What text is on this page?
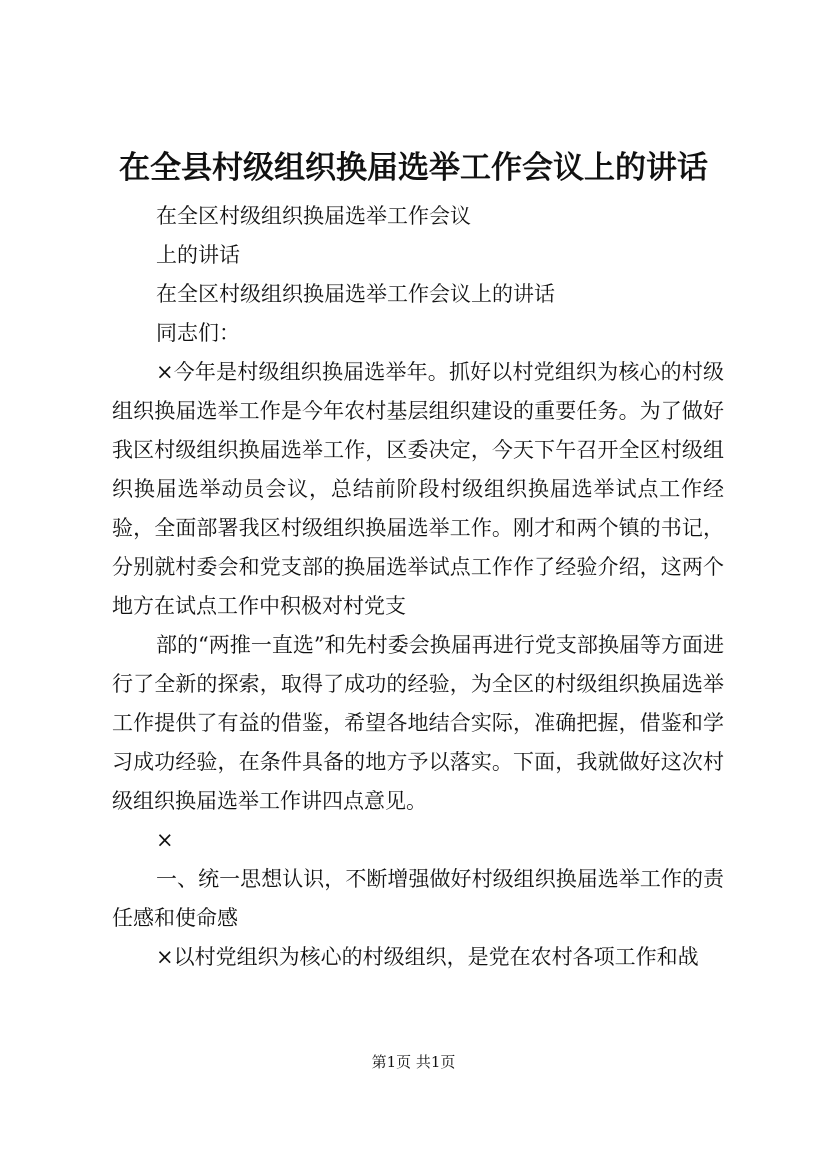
在全县村级组织换届选举工作会议上的讲话

在全区村级组织换届选举工作会议

上的讲话

在全区村级组织换届选举工作会议上的讲话

同志们：

×今年是村级组织换届选举年。抓好以村党组织为核心的村级组织换届选举工作是今年农村基层组织建设的重要任务。为了做好我区村级组织换届选举工作，区委决定，今天下午召开全区村级组织换届选举动员会议，总结前阶段村级组织换届选举试点工作经验，全面部署我区村级组织换届选举工作。刚才和两个镇的书记，分别就村委会和党支部的换届选举试点工作作了经验介绍，这两个地方在试点工作中积极对村党支

部的“两推一直选”和先村委会换届再进行党支部换届等方面进行了全新的探索，取得了成功的经验，为全区的村级组织换届选举工作提供了有益的借鉴，希望各地结合实际，准确把握，借鉴和学习成功经验，在条件具备的地方予以落实。下面，我就做好这次村级组织换届选举工作讲四点意见。

×

一、统一思想认识，不断增强做好村级组织换届选举工作的责任感和使命感

×以村党组织为核心的村级组织，是党在农村各项工作和战

第1页 共1页
